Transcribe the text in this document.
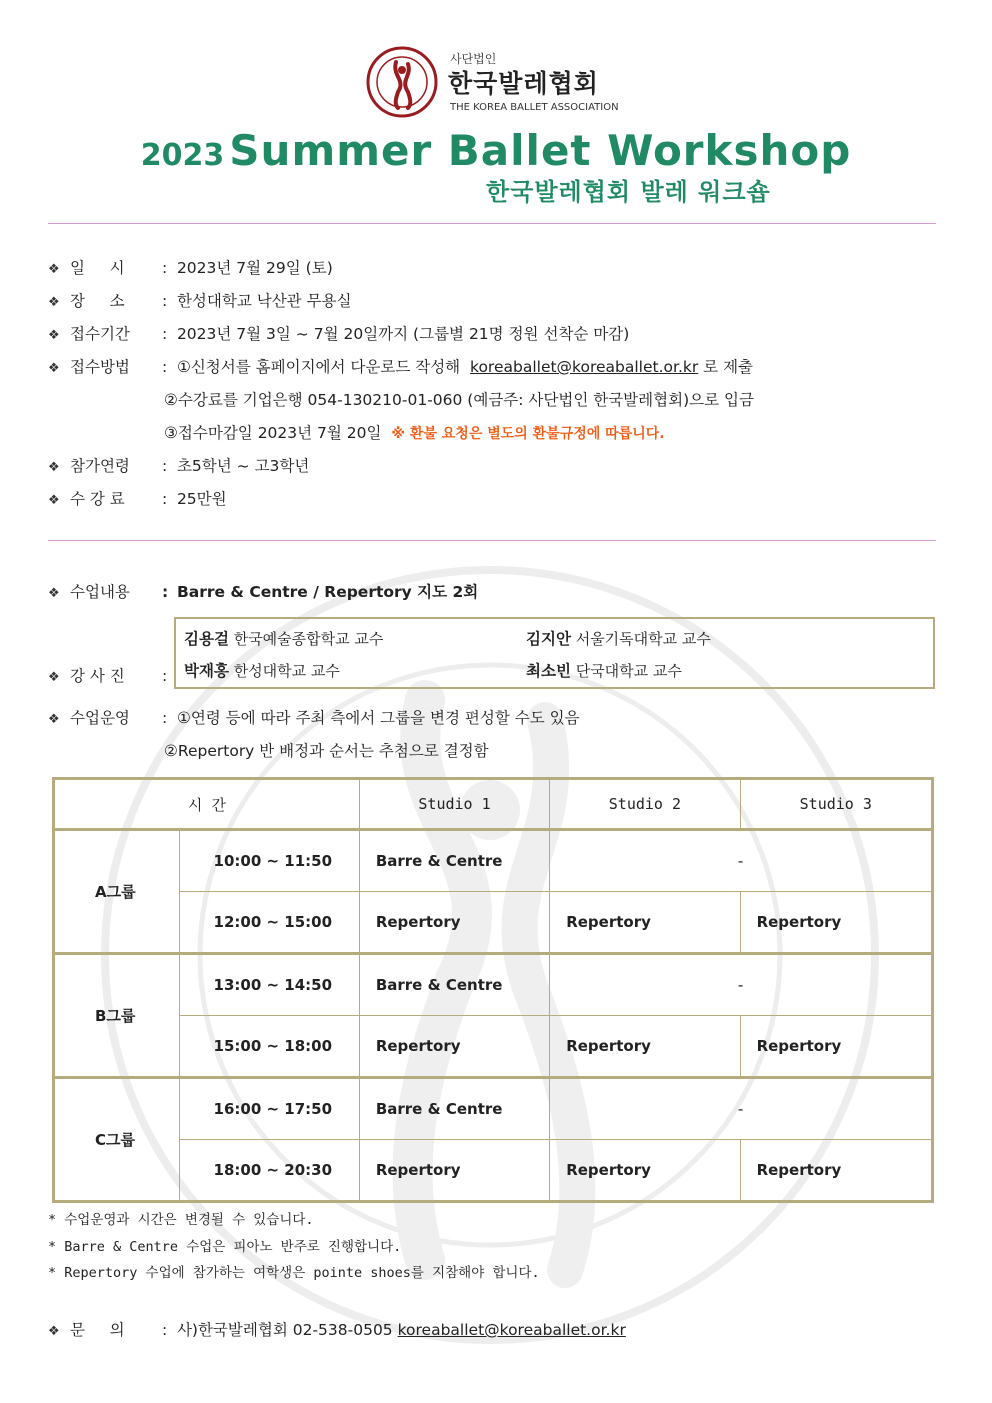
사단법인
한국발레협회
THE KOREA BALLET ASSOCIATION
2023 Summer Ballet Workshop
한국발레협회 발레 워크숍
❖ 일     시 : 2023년 7월 29일 (토)
❖ 장     소 : 한성대학교 낙산관 무용실
❖ 접수기간 : 2023년 7월 3일 ~ 7월 20일까지 (그룹별 21명 정원 선착순 마감)
❖ 접수방법 : ①신청서를 홈페이지에서 다운로드 작성해 koreaballet@koreaballet.or.kr 로 제출
②수강료를 기업은행 054-130210-01-060 (예금주: 사단법인 한국발레협회)으로 입금
③접수마감일 2023년 7월 20일 ※ 환불 요청은 별도의 환불규정에 따릅니다.
❖ 참가연령 : 초5학년 ~ 고3학년
❖ 수 강 료 : 25만원
❖ 수업내용 : Barre & Centre / Repertory 지도 2회
❖ 강 사 진 :
김용걸 한국예술종합학교 교수	김지안 서울기독대학교 교수
박재홍 한성대학교 교수	최소빈 단국대학교 교수
❖ 수업운영 : ①연령 등에 따라 주최 측에서 그룹을 변경 편성할 수도 있음
②Repertory 반 배정과 순서는 추첨으로 결정함
시 간		Studio 1	Studio 2	Studio 3
A그룹	10:00 ~ 11:50	Barre & Centre	-	
	12:00 ~ 15:00	Repertory	Repertory	Repertory
B그룹	13:00 ~ 14:50	Barre & Centre	-	
	15:00 ~ 18:00	Repertory	Repertory	Repertory
C그룹	16:00 ~ 17:50	Barre & Centre	-	
	18:00 ~ 20:30	Repertory	Repertory	Repertory
* 수업운영과 시간은 변경될 수 있습니다.
* Barre & Centre 수업은 피아노 반주로 진행합니다.
* Repertory 수업에 참가하는 여학생은 pointe shoes를 지참해야 합니다.
❖ 문     의 : 사)한국발레협회 02-538-0505 koreaballet@koreaballet.or.kr
